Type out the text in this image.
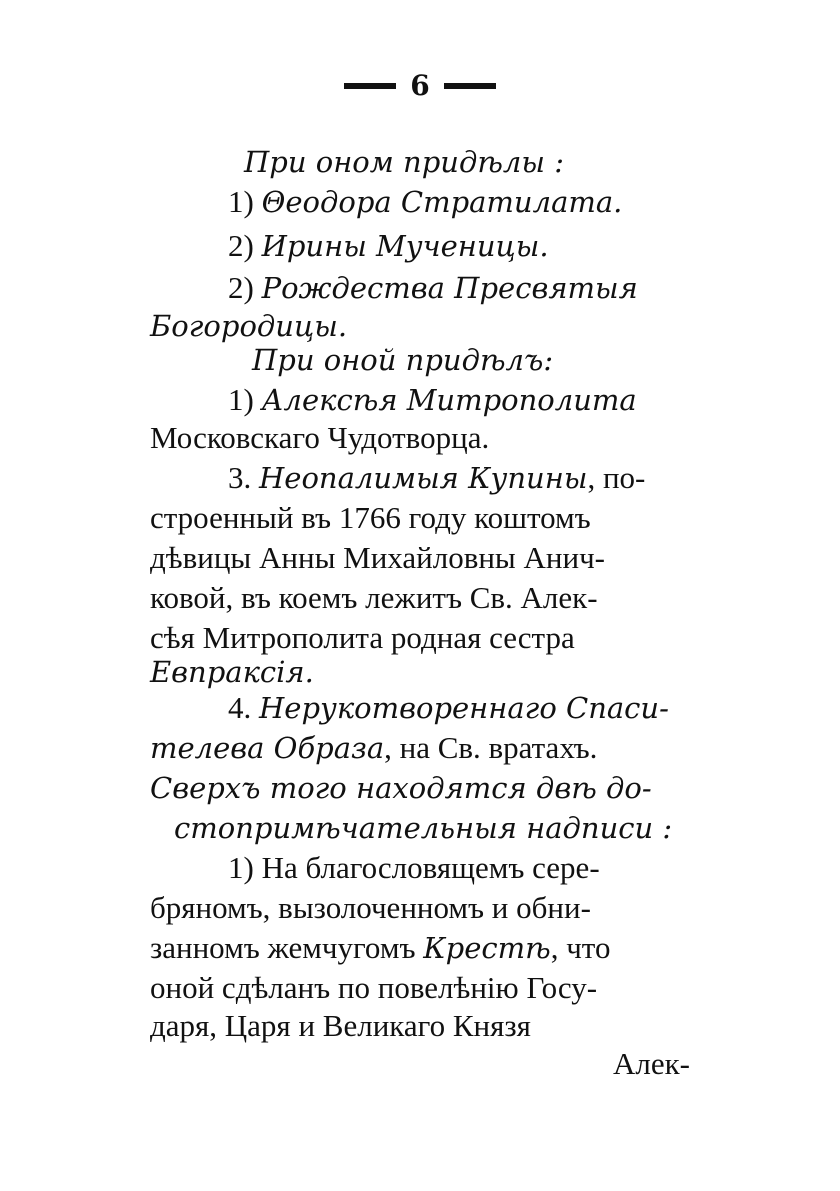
6
При оном придѣлы :
1) Θеодора Стратилата.
2) Ирины Мученицы.
2) Рождества Пресвятыя
Богородицы.
При оной придѣлъ:
1) Алексѣя Митрополита
Московскаго Чудотворца.
3. Неопалимыя Купины, по-
строенный въ 1766 году коштомъ
дѣвицы Анны Михайловны Анич-
ковой, въ коемъ лежитъ Св. Алек-
сѣя Митрополита родная сестра
Евпраксія.
4. Нерукотвореннаго Спаси-
телева Образа, на Св. вратахъ.
Сверхъ того находятся двѣ до-
стопримѣчательныя надписи :
1) На благословящемъ сере-
бряномъ, вызолоченномъ и обни-
занномъ жемчугомъ Крестѣ, что
оной сдѣланъ по повелѣнію Госу-
даря, Царя и Великаго Князя
Алек-
